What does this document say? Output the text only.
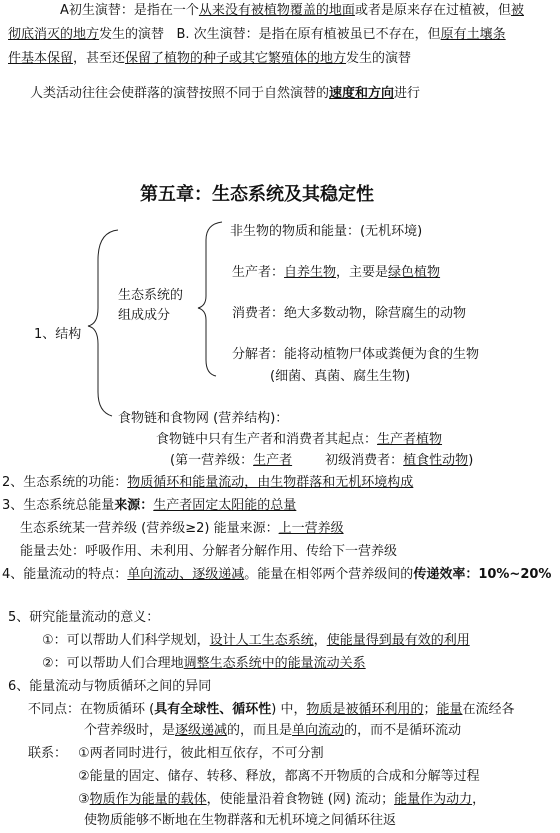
A初生演替：是指在一个从来没有被植物覆盖的地面或者是原来存在过植被，但被
彻底消灭的地方发生的演替 B. 次生演替：是指在原有植被虽已不存在，但原有土壤条
件基本保留，甚至还保留了植物的种子或其它繁殖体的地方发生的演替
人类活动往往会使群落的演替按照不同于自然演替的速度和方向进行
第五章：生态系统及其稳定性
1、结构
生态系统的
组成成分
非生物的物质和能量：(无机环境)
生产者：自养生物，主要是绿色植物
消费者：绝大多数动物，除营腐生的动物
分解者：能将动植物尸体或粪便为食的生物
(细菌、真菌、腐生生物)
食物链和食物网 (营养结构)：
食物链中只有生产者和消费者其起点：生产者植物
(第一营养级：生产者	初级消费者：植食性动物)
2、生态系统的功能：物质循环和能量流动，由生物群落和无机环境构成
3、生态系统总能量来源：生产者固定太阳能的总量
生态系统某一营养级 (营养级≥2) 能量来源：上一营养级
能量去处：呼吸作用、未利用、分解者分解作用、传给下一营养级
4、能量流动的特点：单向流动、逐级递减。能量在相邻两个营养级间的传递效率：10%~20%
5、研究能量流动的意义：
①：可以帮助人们科学规划，设计人工生态系统，使能量得到最有效的利用
②：可以帮助人们合理地调整生态系统中的能量流动关系
6、能量流动与物质循环之间的异同
不同点：在物质循环 (具有全球性、循环性) 中，物质是被循环利用的；能量在流经各
个营养级时，是逐级递减的，而且是单向流动的，而不是循环流动
联系： ①两者同时进行，彼此相互依存，不可分割
②能量的固定、储存、转移、释放，都离不开物质的合成和分解等过程
③物质作为能量的载体，使能量沿着食物链 (网) 流动；能量作为动力，
使物质能够不断地在生物群落和无机环境之间循环往返
